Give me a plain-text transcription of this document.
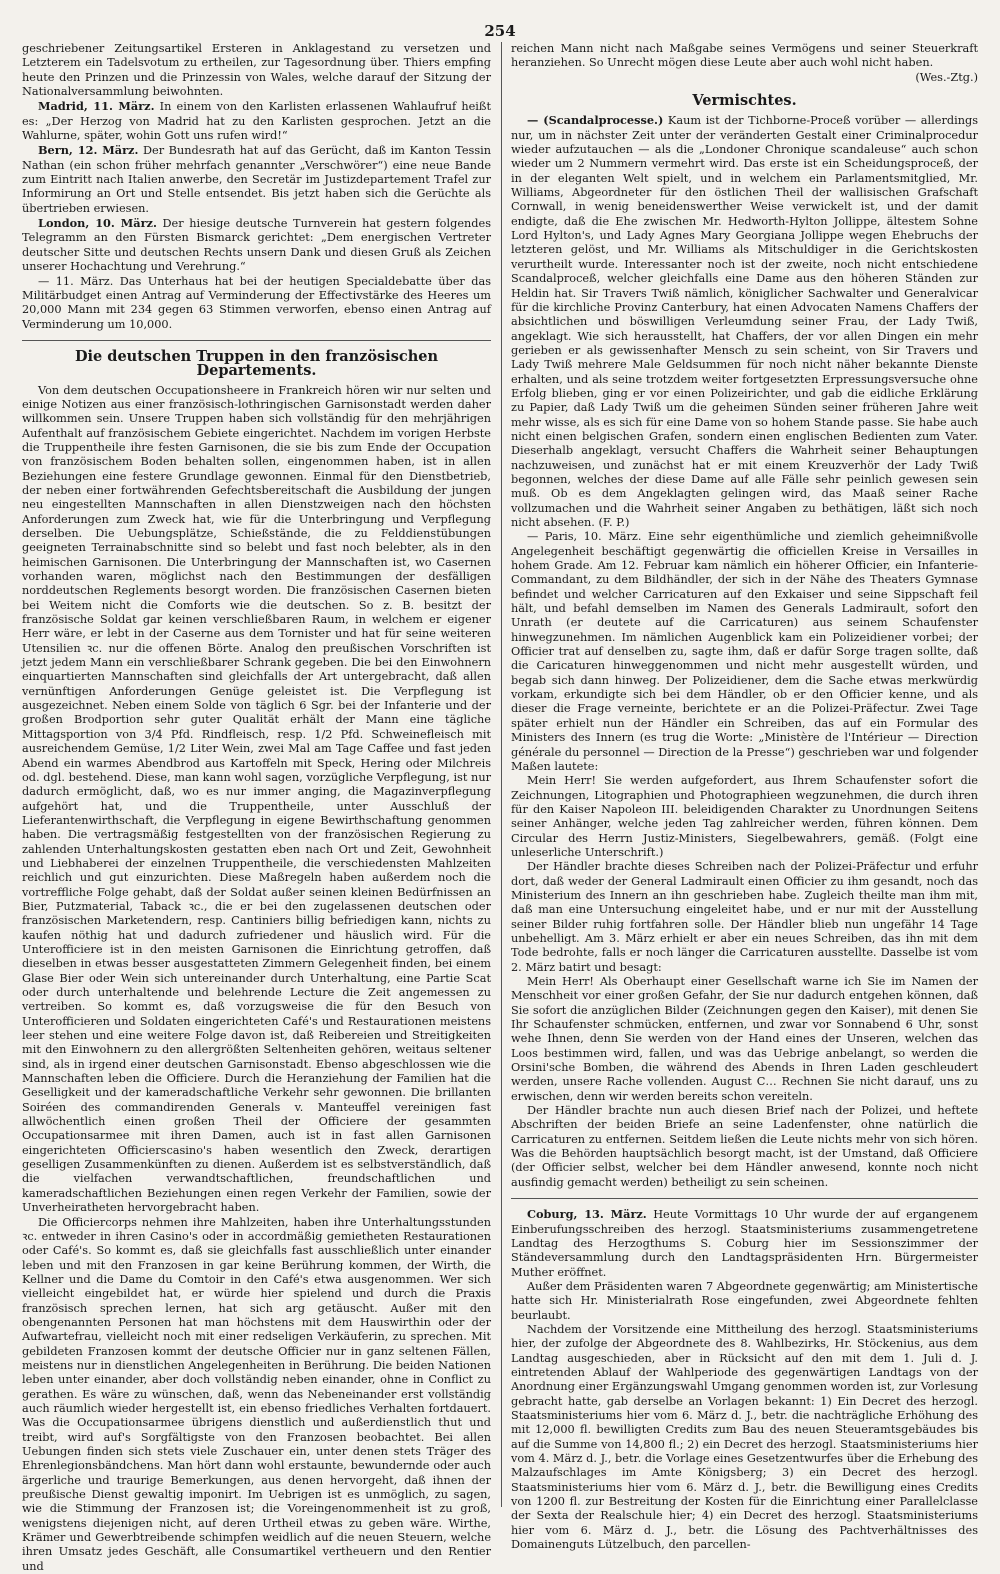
254

geschriebener Zeitungsartikel Ersteren in Anklagestand zu versetzen und Letzterem ein Tadelsvotum zu ertheilen, zur Tagesordnung über. Thiers empfing heute den Prinzen und die Prinzessin von Wales, welche darauf der Sitzung der Nationalversammlung beiwohnten.

Madrid, 11. März. In einem von den Karlisten erlassenen Wahlaufruf heißt es: „Der Herzog von Madrid hat zu den Karlisten gesprochen. Jetzt an die Wahlurne, später, wohin Gott uns rufen wird!“

Bern, 12. März. Der Bundesrath hat auf das Gerücht, daß im Kanton Tessin Nathan (ein schon früher mehrfach genannter „Verschwörer“) eine neue Bande zum Eintritt nach Italien anwerbe, den Secretär im Justizdepartement Trafel zur Informirung an Ort und Stelle entsendet. Bis jetzt haben sich die Gerüchte als übertrieben erwiesen.

London, 10. März. Der hiesige deutsche Turnverein hat gestern folgendes Telegramm an den Fürsten Bismarck gerichtet: „Dem energischen Vertreter deutscher Sitte und deutschen Rechts unsern Dank und diesen Gruß als Zeichen unserer Hochachtung und Verehrung.“

— 11. März. Das Unterhaus hat bei der heutigen Specialdebatte über das Militärbudget einen Antrag auf Verminderung der Effectivstärke des Heeres um 20,000 Mann mit 234 gegen 63 Stimmen verworfen, ebenso einen Antrag auf Verminderung um 10,000.

Die deutschen Truppen in den französischen Departements.

Von dem deutschen Occupationsheere in Frankreich hören wir nur selten und einige Notizen aus einer französisch-lothringischen Garnisonstadt werden daher willkommen sein. Unsere Truppen haben sich vollständig für den mehrjährigen Aufenthalt auf französischem Gebiete eingerichtet. Nachdem im vorigen Herbste die Truppentheile ihre festen Garnisonen, die sie bis zum Ende der Occupation von französischem Boden behalten sollen, eingenommen haben, ist in allen Beziehungen eine festere Grundlage gewonnen. Einmal für den Dienstbetrieb, der neben einer fortwährenden Gefechtsbereitschaft die Ausbildung der jungen neu eingestellten Mannschaften in allen Dienstzweigen nach den höchsten Anforderungen zum Zweck hat, wie für die Unterbringung und Verpflegung derselben. Die Uebungsplätze, Schießstände, die zu Felddienstübungen geeigneten Terrainabschnitte sind so belebt und fast noch belebter, als in den heimischen Garnisonen. Die Unterbringung der Mannschaften ist, wo Casernen vorhanden waren, möglichst nach den Bestimmungen der desfälligen norddeutschen Reglements besorgt worden. Die französischen Casernen bieten bei Weitem nicht die Comforts wie die deutschen. So z. B. besitzt der französische Soldat gar keinen verschließbaren Raum, in welchem er eigener Herr wäre, er lebt in der Caserne aus dem Tornister und hat für seine weiteren Utensilien ꝛc. nur die offenen Börte. Analog den preußischen Vorschriften ist jetzt jedem Mann ein verschließbarer Schrank gegeben. Die bei den Einwohnern einquartierten Mannschaften sind gleichfalls der Art untergebracht, daß allen vernünftigen Anforderungen Genüge geleistet ist. Die Verpflegung ist ausgezeichnet. Neben einem Solde von täglich 6 Sgr. bei der Infanterie und der großen Brodportion sehr guter Qualität erhält der Mann eine tägliche Mittagsportion von 3/4 Pfd. Rindfleisch, resp. 1/2 Pfd. Schweinefleisch mit ausreichendem Gemüse, 1/2 Liter Wein, zwei Mal am Tage Caffee und fast jeden Abend ein warmes Abendbrod aus Kartoffeln mit Speck, Hering oder Milchreis od. dgl. bestehend. Diese, man kann wohl sagen, vorzügliche Verpflegung, ist nur dadurch ermöglicht, daß, wo es nur immer anging, die Magazinverpflegung aufgehört hat, und die Truppentheile, unter Ausschluß der Lieferantenwirthschaft, die Verpflegung in eigene Bewirthschaftung genommen haben. Die vertragsmäßig festgestellten von der französischen Regierung zu zahlenden Unterhaltungskosten gestatten eben nach Ort und Zeit, Gewohnheit und Liebhaberei der einzelnen Truppentheile, die verschiedensten Mahlzeiten reichlich und gut einzurichten. Diese Maßregeln haben außerdem noch die vortreffliche Folge gehabt, daß der Soldat außer seinen kleinen Bedürfnissen an Bier, Putzmaterial, Taback ꝛc., die er bei den zugelassenen deutschen oder französischen Marketendern, resp. Cantiniers billig befriedigen kann, nichts zu kaufen nöthig hat und dadurch zufriedener und häuslich wird. Für die Unterofficiere ist in den meisten Garnisonen die Einrichtung getroffen, daß dieselben in etwas besser ausgestatteten Zimmern Gelegenheit finden, bei einem Glase Bier oder Wein sich untereinander durch Unterhaltung, eine Partie Scat oder durch unterhaltende und belehrende Lecture die Zeit angemessen zu vertreiben. So kommt es, daß vorzugsweise die für den Besuch von Unterofficieren und Soldaten eingerichteten Café's und Restaurationen meistens leer stehen und eine weitere Folge davon ist, daß Reibereien und Streitigkeiten mit den Einwohnern zu den allergrößten Seltenheiten gehören, weitaus seltener sind, als in irgend einer deutschen Garnisonstadt. Ebenso abgeschlossen wie die Mannschaften leben die Officiere. Durch die Heranziehung der Familien hat die Geselligkeit und der kameradschaftliche Verkehr sehr gewonnen. Die brillanten Soiréen des commandirenden Generals v. Manteuffel vereinigen fast allwöchentlich einen großen Theil der Officiere der gesammten Occupationsarmee mit ihren Damen, auch ist in fast allen Garnisonen eingerichteten Officierscasino's haben wesentlich den Zweck, derartigen geselligen Zusammenkünften zu dienen. Außerdem ist es selbstverständlich, daß die vielfachen verwandtschaftlichen, freundschaftlichen und kameradschaftlichen Beziehungen einen regen Verkehr der Familien, sowie der Unverheiratheten hervorgebracht haben.

Die Officiercorps nehmen ihre Mahlzeiten, haben ihre Unterhaltungsstunden ꝛc. entweder in ihren Casino's oder in accordmäßig gemietheten Restaurationen oder Café's. So kommt es, daß sie gleichfalls fast ausschließlich unter einander leben und mit den Franzosen in gar keine Berührung kommen, der Wirth, die Kellner und die Dame du Comtoir in den Café's etwa ausgenommen. Wer sich vielleicht eingebildet hat, er würde hier spielend und durch die Praxis französisch sprechen lernen, hat sich arg getäuscht. Außer mit den obengenannten Personen hat man höchstens mit dem Hauswirthin oder der Aufwartefrau, vielleicht noch mit einer redseligen Verkäuferin, zu sprechen. Mit gebildeten Franzosen kommt der deutsche Officier nur in ganz seltenen Fällen, meistens nur in dienstlichen Angelegenheiten in Berührung. Die beiden Nationen leben unter einander, aber doch vollständig neben einander, ohne in Conflict zu gerathen. Es wäre zu wünschen, daß, wenn das Nebeneinander erst vollständig auch räumlich wieder hergestellt ist, ein ebenso friedliches Verhalten fortdauert. Was die Occupationsarmee übrigens dienstlich und außerdienstlich thut und treibt, wird auf's Sorgfältigste von den Franzosen beobachtet. Bei allen Uebungen finden sich stets viele Zuschauer ein, unter denen stets Träger des Ehrenlegionsbändchens. Man hört dann wohl erstaunte, bewundernde oder auch ärgerliche und traurige Bemerkungen, aus denen hervorgeht, daß ihnen der preußische Dienst gewaltig imponirt. Im Uebrigen ist es unmöglich, zu sagen, wie die Stimmung der Franzosen ist; die Voreingenommenheit ist zu groß, wenigstens diejenigen nicht, auf deren Urtheil etwas zu geben wäre. Wirthe, Krämer und Gewerbtreibende schimpfen weidlich auf die neuen Steuern, welche ihren Umsatz jedes Geschäft, alle Consumartikel vertheuern und den Rentier und

reichen Mann nicht nach Maßgabe seines Vermögens und seiner Steuerkraft heranziehen. So Unrecht mögen diese Leute aber auch wohl nicht haben.

(Wes.-Ztg.)

Vermischtes.

— (Scandalprocesse.) Kaum ist der Tichborne-Proceß vorüber — allerdings nur, um in nächster Zeit unter der veränderten Gestalt einer Criminalprocedur wieder aufzutauchen — als die „Londoner Chronique scandaleuse“ auch schon wieder um 2 Nummern vermehrt wird. Das erste ist ein Scheidungsproceß, der in der eleganten Welt spielt, und in welchem ein Parlamentsmitglied, Mr. Williams, Abgeordneter für den östlichen Theil der wallisischen Grafschaft Cornwall, in wenig beneidenswerther Weise verwickelt ist, und der damit endigte, daß die Ehe zwischen Mr. Hedworth-Hylton Jollippe, ältestem Sohne Lord Hylton's, und Lady Agnes Mary Georgiana Jollippe wegen Ehebruchs der letzteren gelöst, und Mr. Williams als Mitschuldiger in die Gerichtskosten verurtheilt wurde. Interessanter noch ist der zweite, noch nicht entschiedene Scandalproceß, welcher gleichfalls eine Dame aus den höheren Ständen zur Heldin hat. Sir Travers Twiß nämlich, königlicher Sachwalter und Generalvicar für die kirchliche Provinz Canterbury, hat einen Advocaten Namens Chaffers der absichtlichen und böswilligen Verleumdung seiner Frau, der Lady Twiß, angeklagt. Wie sich herausstellt, hat Chaffers, der vor allen Dingen ein mehr gerieben er als gewissenhafter Mensch zu sein scheint, von Sir Travers und Lady Twiß mehrere Male Geldsummen für noch nicht näher bekannte Dienste erhalten, und als seine trotzdem weiter fortgesetzten Erpressungsversuche ohne Erfolg blieben, ging er vor einen Polizeirichter, und gab die eidliche Erklärung zu Papier, daß Lady Twiß um die geheimen Sünden seiner früheren Jahre weit mehr wisse, als es sich für eine Dame von so hohem Stande passe. Sie habe auch nicht einen belgischen Grafen, sondern einen englischen Bedienten zum Vater. Dieserhalb angeklagt, versucht Chaffers die Wahrheit seiner Behauptungen nachzuweisen, und zunächst hat er mit einem Kreuzverhör der Lady Twiß begonnen, welches der diese Dame auf alle Fälle sehr peinlich gewesen sein muß. Ob es dem Angeklagten gelingen wird, das Maaß seiner Rache vollzumachen und die Wahrheit seiner Angaben zu bethätigen, läßt sich noch nicht absehen. (F. P.)

— Paris, 10. März. Eine sehr eigenthümliche und ziemlich geheimnißvolle Angelegenheit beschäftigt gegenwärtig die officiellen Kreise in Versailles in hohem Grade. Am 12. Februar kam nämlich ein höherer Officier, ein Infanterie-Commandant, zu dem Bildhändler, der sich in der Nähe des Theaters Gymnase befindet und welcher Carricaturen auf den Exkaiser und seine Sippschaft feil hält, und befahl demselben im Namen des Generals Ladmirault, sofort den Unrath (er deutete auf die Carricaturen) aus seinem Schaufenster hinwegzunehmen. Im nämlichen Augenblick kam ein Polizeidiener vorbei; der Officier trat auf denselben zu, sagte ihm, daß er dafür Sorge tragen sollte, daß die Caricaturen hinweggenommen und nicht mehr ausgestellt würden, und begab sich dann hinweg. Der Polizeidiener, dem die Sache etwas merkwürdig vorkam, erkundigte sich bei dem Händler, ob er den Officier kenne, und als dieser die Frage verneinte, berichtete er an die Polizei-Präfectur. Zwei Tage später erhielt nun der Händler ein Schreiben, das auf ein Formular des Ministers des Innern (es trug die Worte: „Ministère de l'Intérieur — Direction générale du personnel — Direction de la Presse“) geschrieben war und folgender Maßen lautete:

Mein Herr! Sie werden aufgefordert, aus Ihrem Schaufenster sofort die Zeichnungen, Litographien und Photographieen wegzunehmen, die durch ihren für den Kaiser Napoleon III. beleidigenden Charakter zu Unordnungen Seitens seiner Anhänger, welche jeden Tag zahlreicher werden, führen können. Dem Circular des Herrn Justiz-Ministers, Siegelbewahrers, gemäß. (Folgt eine unleserliche Unterschrift.)

Der Händler brachte dieses Schreiben nach der Polizei-Präfectur und erfuhr dort, daß weder der General Ladmirault einen Officier zu ihm gesandt, noch das Ministerium des Innern an ihn geschrieben habe. Zugleich theilte man ihm mit, daß man eine Untersuchung eingeleitet habe, und er nur mit der Ausstellung seiner Bilder ruhig fortfahren solle. Der Händler blieb nun ungefähr 14 Tage unbehelligt. Am 3. März erhielt er aber ein neues Schreiben, das ihn mit dem Tode bedrohte, falls er noch länger die Carricaturen ausstellte. Dasselbe ist vom 2. März batirt und besagt:

Mein Herr! Als Oberhaupt einer Gesellschaft warne ich Sie im Namen der Menschheit vor einer großen Gefahr, der Sie nur dadurch entgehen können, daß Sie sofort die anzüglichen Bilder (Zeichnungen gegen den Kaiser), mit denen Sie Ihr Schaufenster schmücken, entfernen, und zwar vor Sonnabend 6 Uhr, sonst wehe Ihnen, denn Sie werden von der Hand eines der Unseren, welchen das Loos bestimmen wird, fallen, und was das Uebrige anbelangt, so werden die Orsini'sche Bomben, die während des Abends in Ihren Laden geschleudert werden, unsere Rache vollenden. August C… Rechnen Sie nicht darauf, uns zu erwischen, denn wir werden bereits schon vereiteln.

Der Händler brachte nun auch diesen Brief nach der Polizei, und heftete Abschriften der beiden Briefe an seine Ladenfenster, ohne natürlich die Carricaturen zu entfernen. Seitdem ließen die Leute nichts mehr von sich hören. Was die Behörden hauptsächlich besorgt macht, ist der Umstand, daß Officiere (der Officier selbst, welcher bei dem Händler anwesend, konnte noch nicht ausfindig gemacht werden) betheiligt zu sein scheinen.

Coburg, 13. März. Heute Vormittags 10 Uhr wurde der auf ergangenem Einberufungsschreiben des herzogl. Staatsministeriums zusammengetretene Landtag des Herzogthums S. Coburg hier im Sessionszimmer der Ständeversammlung durch den Landtagspräsidenten Hrn. Bürgermeister Muther eröffnet.

Außer dem Präsidenten waren 7 Abgeordnete gegenwärtig; am Ministertische hatte sich Hr. Ministerialrath Rose eingefunden, zwei Abgeordnete fehlten beurlaubt.

Nachdem der Vorsitzende eine Mittheilung des herzogl. Staatsministeriums hier, der zufolge der Abgeordnete des 8. Wahlbezirks, Hr. Stöckenius, aus dem Landtag ausgeschieden, aber in Rücksicht auf den mit dem 1. Juli d. J. eintretenden Ablauf der Wahlperiode des gegenwärtigen Landtags von der Anordnung einer Ergänzungswahl Umgang genommen worden ist, zur Vorlesung gebracht hatte, gab derselbe an Vorlagen bekannt: 1) Ein Decret des herzogl. Staatsministeriums hier vom 6. März d. J., betr. die nachträgliche Erhöhung des mit 12,000 fl. bewilligten Credits zum Bau des neuen Steueramtsgebäudes bis auf die Summe von 14,800 fl.; 2) ein Decret des herzogl. Staatsministeriums hier vom 4. März d. J., betr. die Vorlage eines Gesetzentwurfes über die Erhebung des Malzaufschlages im Amte Königsberg; 3) ein Decret des herzogl. Staatsministeriums hier vom 6. März d. J., betr. die Bewilligung eines Credits von 1200 fl. zur Bestreitung der Kosten für die Einrichtung einer Parallelclasse der Sexta der Realschule hier; 4) ein Decret des herzogl. Staatsministeriums hier vom 6. März d. J., betr. die Lösung des Pachtverhältnisses des Domainenguts Lützelbuch, den parcellen-
